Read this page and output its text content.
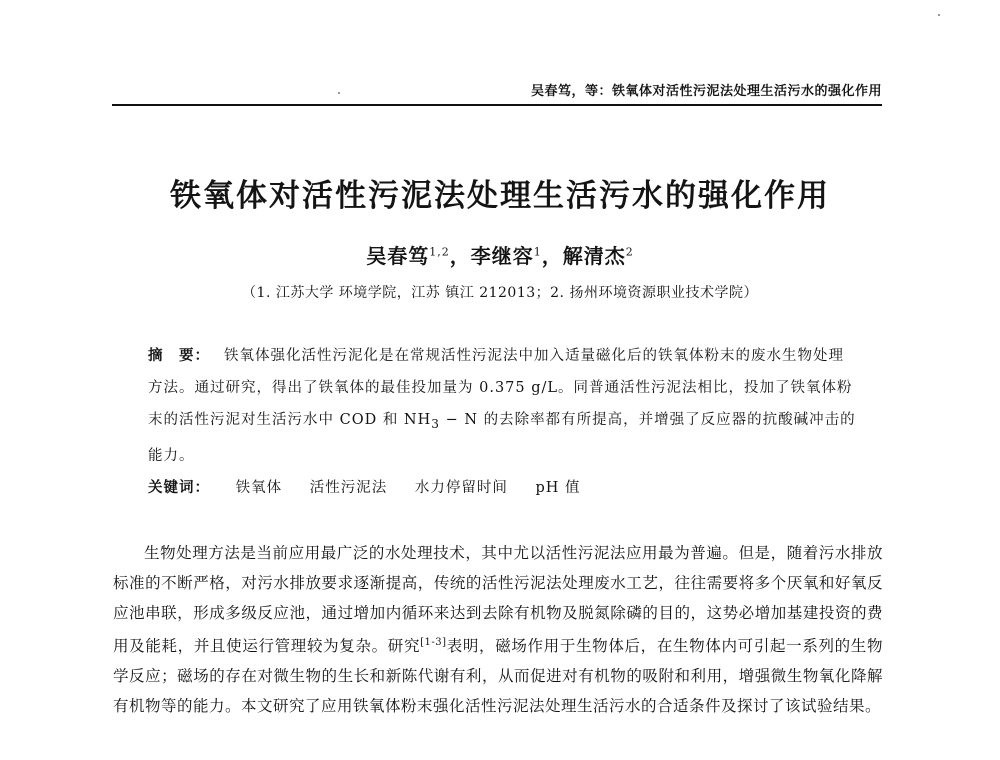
吴春笃，等：铁氧体对活性污泥法处理生活污水的强化作用
铁氧体对活性污泥法处理生活污水的强化作用
吴春笃$^{1,2}$，李继容$^1$，解清杰$^2$
（1. 江苏大学 环境学院，江苏 镇江 212013；2. 扬州环境资源职业技术学院）
摘　要： 铁氧体强化活性污泥化是在常规活性污泥法中加入适量磁化后的铁氧体粉末的废水生物处理方法。通过研究，得出了铁氧体的最佳投加量为 0.375 g/L。同普通活性污泥法相比，投加了铁氧体粉末的活性污泥对生活污水中 COD 和 $NH_3 - N$ 的去除率都有所提高，并增强了反应器的抗酸碱冲击的能力。
关键词： 铁氧体 活性污泥法 水力停留时间 pH 值
生物处理方法是当前应用最广泛的水处理技术，其中尤以活性污泥法应用最为普遍。但是，随着污水排放标准的不断严格，对污水排放要求逐渐提高，传统的活性污泥法处理废水工艺，往往需要将多个厌氧和好氧反应池串联，形成多级反应池，通过增加内循环来达到去除有机物及脱氮除磷的目的，这势必增加基建投资的费用及能耗，并且使运行管理较为复杂。研究[1-3]表明，磁场作用于生物体后，在生物体内可引起一系列的生物学反应；磁场的存在对微生物的生长和新陈代谢有利，从而促进对有机物的吸附和利用，增强微生物氧化降解有机物等的能力。本文研究了应用铁氧体粉末强化活性污泥法处理生活污水的合适条件及探讨了该试验结果。
